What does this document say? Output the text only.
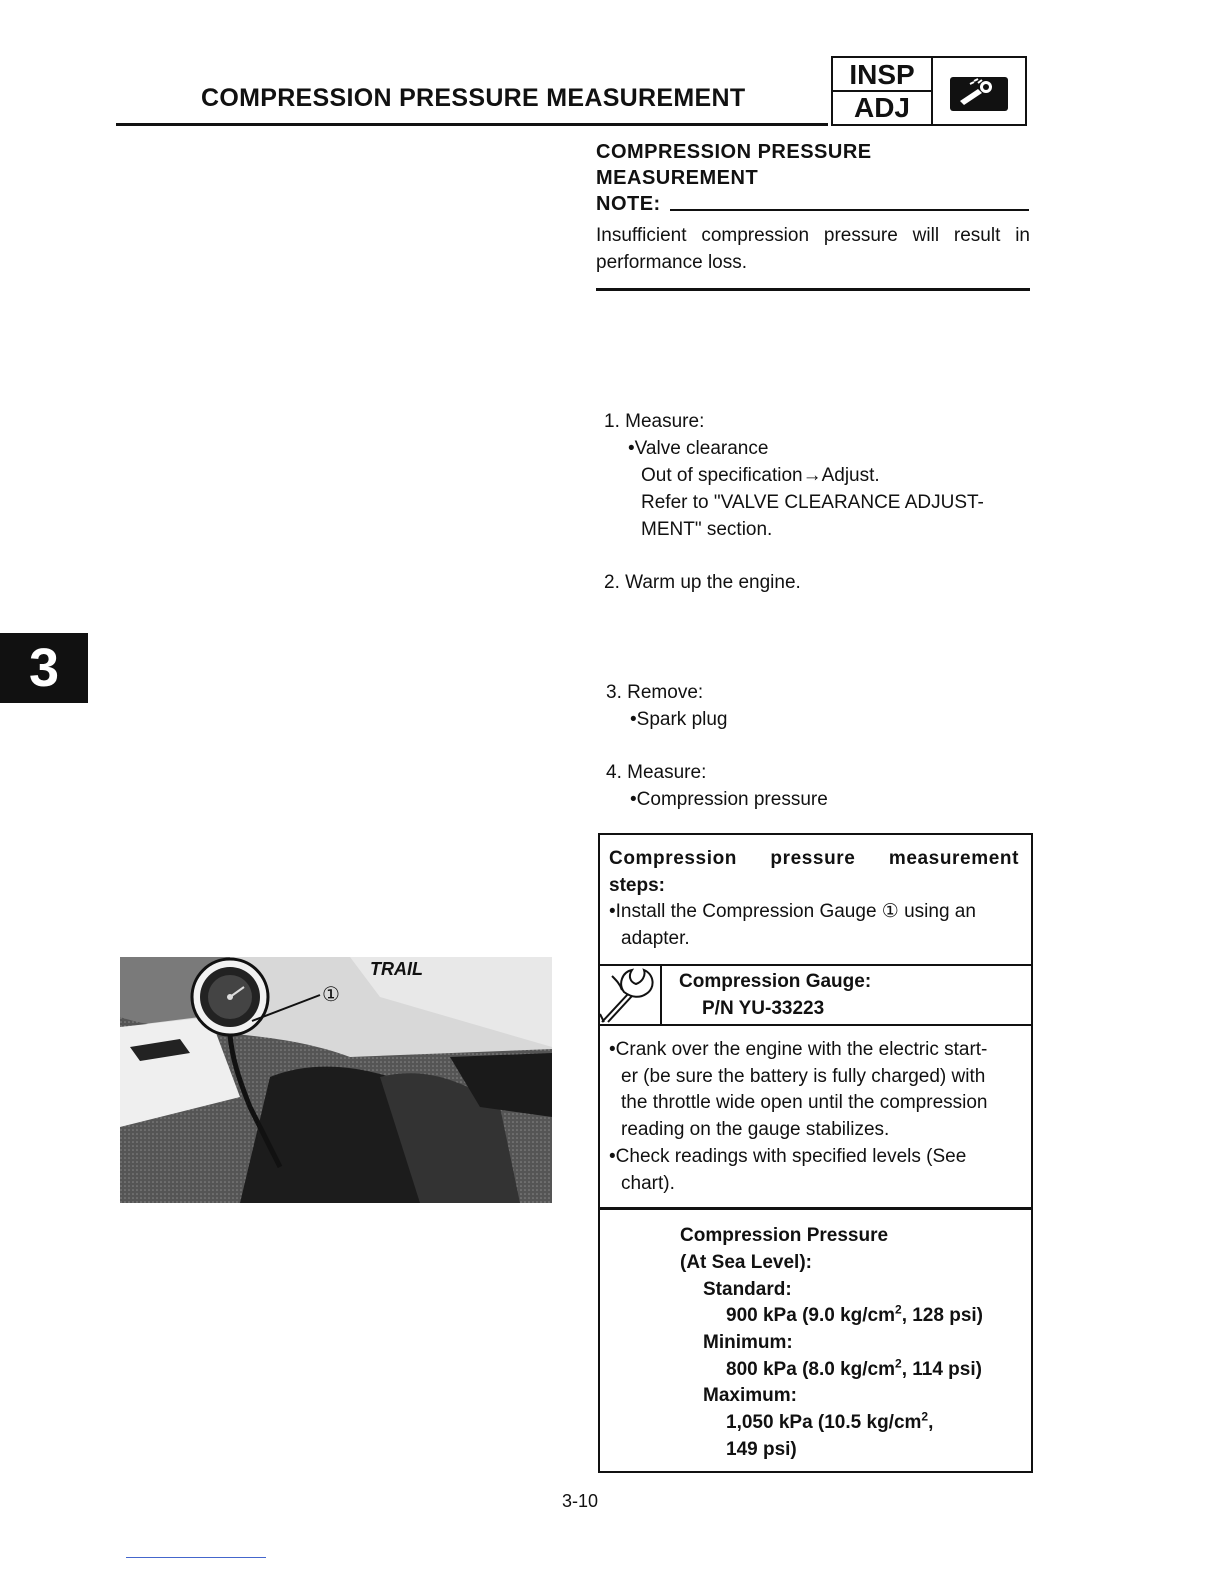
COMPRESSION PRESSURE MEASUREMENT
INSP
ADJ
COMPRESSION PRESSURE
MEASUREMENT
NOTE:
Insufficient compression pressure will result in performance loss.
1. Measure:
•Valve clearance
Out of specification→Adjust.
Refer to "VALVE CLEARANCE ADJUST-
MENT" section.
2. Warm up the engine.
3	3. Remove:
•Spark plug
4. Measure:
•Compression pressure
Compression pressure measurement
steps:
•Install the Compression Gauge ① using an
adapter.
Compression Gauge:
P/N YU-33223
•Crank over the engine with the electric start-
er (be sure the battery is fully charged) with
the throttle wide open until the compression
reading on the gauge stabilizes.
•Check readings with specified levels (See
chart).
Compression Pressure
(At Sea Level):
Standard:
900 kPa (9.0 $kg/cm^2$, 128 psi)
Minimum:
800 kPa (8.0 $kg/cm^2$, 114 psi)
Maximum:
1,050 kPa (10.5 $kg/cm^2$,
149 psi)
TRAIL
①
3-10
